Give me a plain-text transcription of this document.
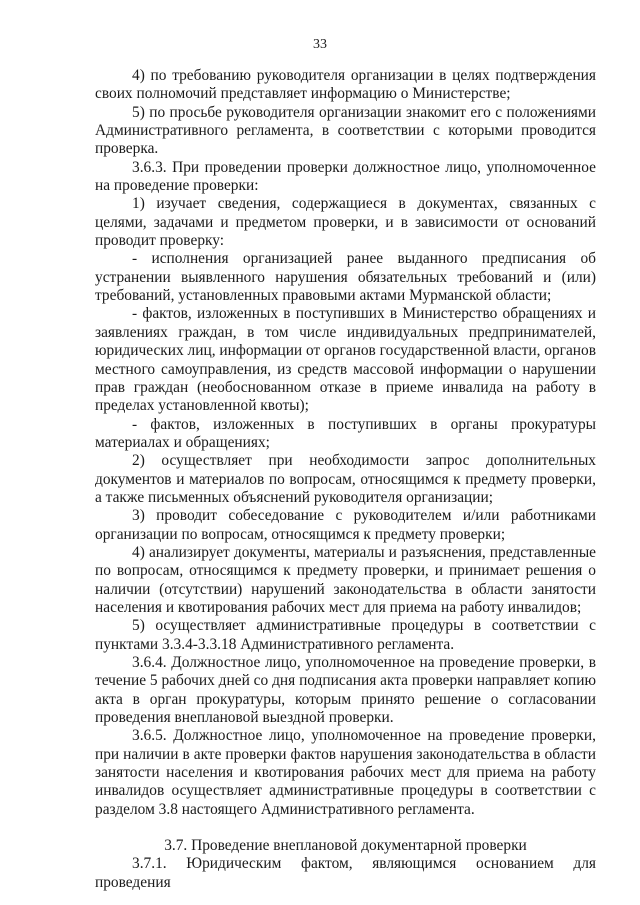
33

4) по требованию руководителя организации в целях подтверждения своих полномочий представляет информацию о Министерстве;

5) по просьбе руководителя организации знакомит его с положениями Административного регламента, в соответствии с которыми проводится проверка.

3.6.3. При проведении проверки должностное лицо, уполномоченное на проведение проверки:

1) изучает сведения, содержащиеся в документах, связанных с целями, задачами и предметом проверки, и в зависимости от оснований проводит проверку:

- исполнения организацией ранее выданного предписания об устранении выявленного нарушения обязательных требований и (или) требований, установленных правовыми актами Мурманской области;

- фактов, изложенных в поступивших в Министерство обращениях и заявлениях граждан, в том числе индивидуальных предпринимателей, юридических лиц, информации от органов государственной власти, органов местного самоуправления, из средств массовой информации о нарушении прав граждан (необоснованном отказе в приеме инвалида на работу в пределах установленной квоты);

- фактов, изложенных в поступивших в органы прокуратуры материалах и обращениях;

2) осуществляет при необходимости запрос дополнительных документов и материалов по вопросам, относящимся к предмету проверки, а также письменных объяснений руководителя организации;

3) проводит собеседование с руководителем и/или работниками организации по вопросам, относящимся к предмету проверки;

4) анализирует документы, материалы и разъяснения, представленные по вопросам, относящимся к предмету проверки, и принимает решения о наличии (отсутствии) нарушений законодательства в области занятости населения и квотирования рабочих мест для приема на работу инвалидов;

5) осуществляет административные процедуры в соответствии с пунктами 3.3.4-3.3.18 Административного регламента.

3.6.4. Должностное лицо, уполномоченное на проведение проверки, в течение 5 рабочих дней со дня подписания акта проверки направляет копию акта в орган прокуратуры, которым принято решение о согласовании проведения внеплановой выездной проверки.

3.6.5. Должностное лицо, уполномоченное на проведение проверки, при наличии в акте проверки фактов нарушения законодательства в области занятости населения и квотирования рабочих мест для приема на работу инвалидов осуществляет административные процедуры в соответствии с разделом 3.8 настоящего Административного регламента.

3.7. Проведение внеплановой документарной проверки

3.7.1. Юридическим фактом, являющимся основанием для проведения
